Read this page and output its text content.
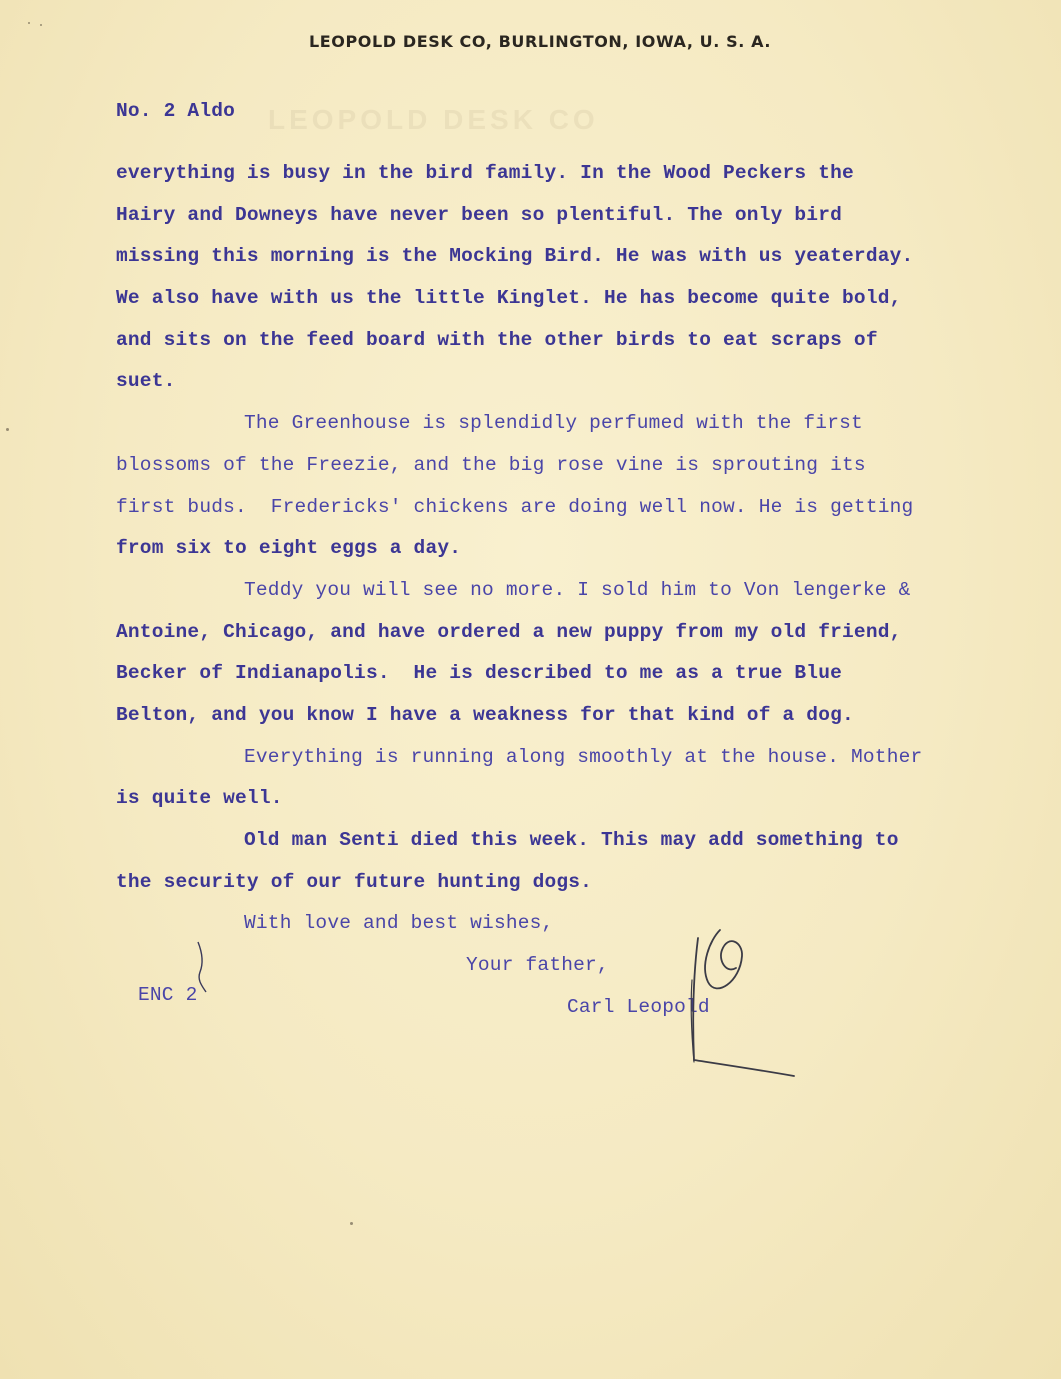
LEOPOLD DESK CO
LEOPOLD DESK CO, BURLINGTON, IOWA, U. S. A.
No. 2 Aldo
everything is busy in the bird family. In the Wood Peckers the
Hairy and Downeys have never been so plentiful. The only bird
missing this morning is the Mocking Bird. He was with us yeaterday.
We also have with us the little Kinglet. He has become quite bold,
and sits on the feed board with the other birds to eat scraps of
suet.
The Greenhouse is splendidly perfumed with the first
blossoms of the Freezie, and the big rose vine is sprouting its
first buds.  Fredericks' chickens are doing well now. He is getting
from six to eight eggs a day.
Teddy you will see no more. I sold him to Von lengerke &
Antoine, Chicago, and have ordered a new puppy from my old friend,
Becker of Indianapolis.  He is described to me as a true Blue
Belton, and you know I have a weakness for that kind of a dog.
Everything is running along smoothly at the house. Mother
is quite well.
Old man Senti died this week. This may add something to
the security of our future hunting dogs.
With love and best wishes,
Your father,
Carl Leopold
ENC 2
